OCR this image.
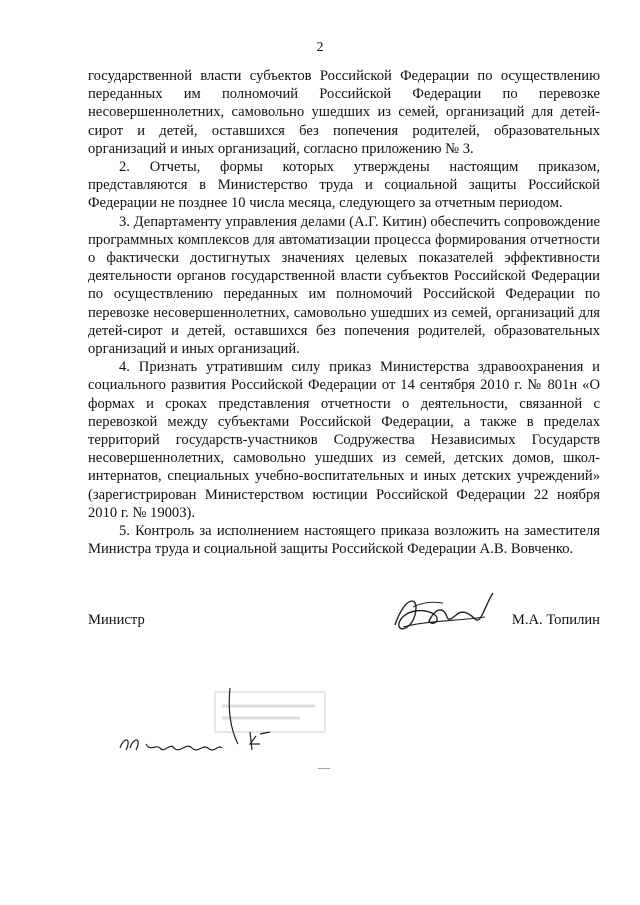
2

государственной власти субъектов Российской Федерации по осуществлению переданных им полномочий Российской Федерации по перевозке несовершеннолетних, самовольно ушедших из семей, организаций для детей-сирот и детей, оставшихся без попечения родителей, образовательных организаций и иных организаций, согласно приложению № 3.

2. Отчеты, формы которых утверждены настоящим приказом, представляются в Министерство труда и социальной защиты Российской Федерации не позднее 10 числа месяца, следующего за отчетным периодом.

3. Департаменту управления делами (А.Г. Китин) обеспечить сопровождение программных комплексов для автоматизации процесса формирования отчетности о фактически достигнутых значениях целевых показателей эффективности деятельности органов государственной власти субъектов Российской Федерации по осуществлению переданных им полномочий Российской Федерации по перевозке несовершеннолетних, самовольно ушедших из семей, организаций для детей-сирот и детей, оставшихся без попечения родителей, образовательных организаций и иных организаций.

4. Признать утратившим силу приказ Министерства здравоохранения и социального развития Российской Федерации от 14 сентября 2010 г. № 801н «О формах и сроках представления отчетности о деятельности, связанной с перевозкой между субъектами Российской Федерации, а также в пределах территорий государств-участников Содружества Независимых Государств несовершеннолетних, самовольно ушедших из семей, детских домов, школ-интернатов, специальных учебно-воспитательных и иных детских учреждений» (зарегистрирован Министерством юстиции Российской Федерации 22 ноября 2010 г. № 19003).

5. Контроль за исполнением настоящего приказа возложить на заместителя Министра труда и социальной защиты Российской Федерации А.В. Вовченко.

Министр	М.А. Топилин
